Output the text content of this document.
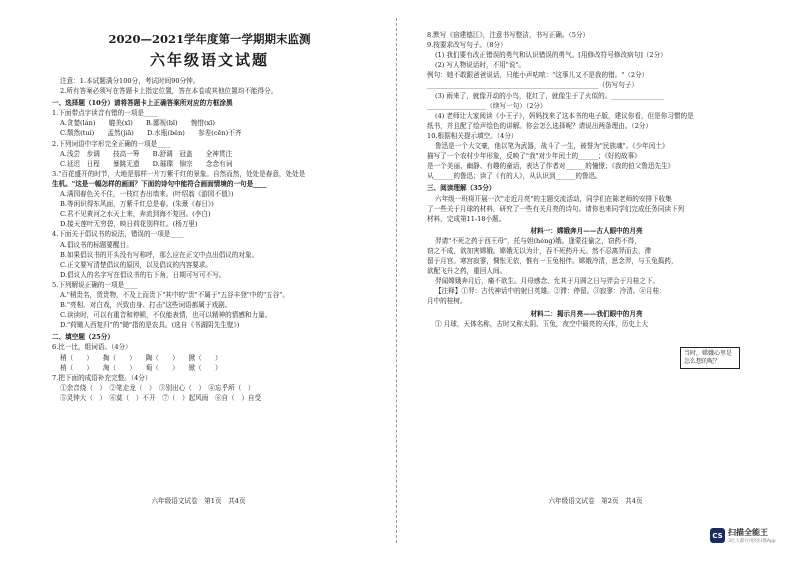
2020—2021学年度第一学期期末监测
六年级语文试题
注意：1.本试题满分100分，考试时间90分钟。
2.所有答案必须写在答题卡上指定位置，答在本卷或其他位置均不能得分。
一、选择题（10分）请将答题卡上正确答案所对应的方框涂黑
1.下面带点字读音有错的一项是____
A.贪婪(lán)　　媲美(xī)　　B.鄙视(bǐ)　　惋惜(xī)
C.颓然(tuí)　　孟然(jiā)　　D.水瓶(běn)　　参差(cēn)不齐
2.下列词语中字形完全正确的一项是____
A.浅尝　步调　　技高一筹　　B.舒调　冠盖　　全神贯注
C.延迟　日程　　暴跳无遗　　D.璀璨　锦宗　　念念有词
3."百花盛开的时节，大地是那样一片万紫千红的景象。自然而然，处处是春意，处处是
生机。"这是一幅怎样的画面？下面的诗句中能符合画面情境的一句是____
A.满园春色关不住，一枝红杏出墙来。(叶绍翁《游园不值》)
B.等闲识得东风面，万紫千红总是春。(朱熹《春日》)
C.君不见黄河之水天上来，奔流到海不复回。(李白)
D.接天莲叶无穷碧，映日荷花别样红。(杨万里)
4.下面关于倡议书的说法，错误的一项是____
A.倡议书的标题要醒目。
B.如果倡议书的开头没有写称呼，那么应在正文中点出倡议的对象。
C.正文要写清楚倡议的原因，以及倡议的内容要求。
D.倡议人的名字写在倡议书的右下角，日期可写可不写。
5.下列解说正确的一项是____
A."稍贵名，货贵物，不及上而贵下"其中的"贵"不属于"五谷丰登"中的"五谷"。
B."亮相、对白戏，兴致由身、打击"这些词语都属于戏剧。
C.读读时，可以有重音和停顿，不仅能表情，也可以精神的情感和力量。
D."荷锄人西复归"的"锄"指的是农具。(选自《书湖阴先生壁》)
二、填空题（25分）
6.比一比，组词语。（4分）
稍（　　）　　掏（　　）　　陶（　　）　　掀（　　）
梢（　　）　　淘（　　）　　萄（　　）　　锨（　　）
7.把下面的成语补充完整。（4分）
①余音绕（　）　②笔走龙（　）　③别出心（　）　④忘乎所（　）
⑤灵钟大（　）　⑥莫（　）不开　⑦（　）起风雨　⑧自（　）自受
六年级语文试卷　第1页　共4页
8.默写《宿建德江》，注意书写整洁，书写正确。（5分）
9.按要求改写句子。（8分）
(1) 我们要有改正错误的勇气和认识错误的勇气。[用修改符号修改病句]（2分）
(2) 写人物说话时，不用"说"。
例句：她不敢跟爸爸说话，只能小声咕哝："这事儿又不是我的错。"（2分）
____________________________________________________（仿写句子）
(3) 雨来了，就像开动的小鸟，花红了，就像生于了火似的。________________
__________________（续写一句）（2分）
(4) 老师让大家阅读《小王子》，妈妈找来了这本书的电子版，建议你看，但是你习惯的是
纸书，并且配了绘声绘色的讲解。你会怎么选择呢？请说出两条理由。（2分）
10.根据相关提示填空。（4分）
鲁迅是一个大文豪，他以笔为武器，战斗了一生，被誉为"民族魂"。《少年闰土》
描写了一个农村少年形象，反映了"我"对少年闰土的______；《好的故事》
是一个美丽、幽静、有趣的童话，表达了作者对______的憧憬；《我的伯父鲁迅先生》
从______的鲁迅；读了《有的人》，从认识到______的鲁迅。
三、阅读理解（35分）
六年级一班将开展一次"走近月亮"的主题交流活动，同学们在陈老师的安排下收集
了一些关于月球的材料，研究了一些有关月亮的诗句。请你也来同学们完成任务同读下列
材料，完成第11-18小题。
材料一：嫦娥奔月——古人眼中的月亮
羿请"不死之药于西王母"，托与妲(héng)娥。逢蒙往偷之，窃药不得，
窃之不成，欲加害嫦娥。嫦娥无以为计，吞不死药升天。然不忍离羿而去，滞
留于月宫。寒宫寂寥，惆怅无依，惟有一玉兔相伴。嫦娥冷清，思念羿，与玉兔捣药，
欲配飞升之药，重回人间。
羿闻嫦娥奔月后，痛不欲生。月母感念，允其于月圆之日与羿会于月桂之下。
【注释】①羿：古代神话中的射日英雄。②滞：停留。③寂寥：冷清。④月桂：
月中的桂树。
材料二：揭示月亮——我们眼中的月亮
① 月球，天体名称，古时又称太阴、玉兔，夜空中最亮的天体，历史上大
当时，嫦娥心里是怎么想的呢？
六年级语文试卷　第2页　共4页
CS 扫描全能王
3亿人都在用的扫描App
